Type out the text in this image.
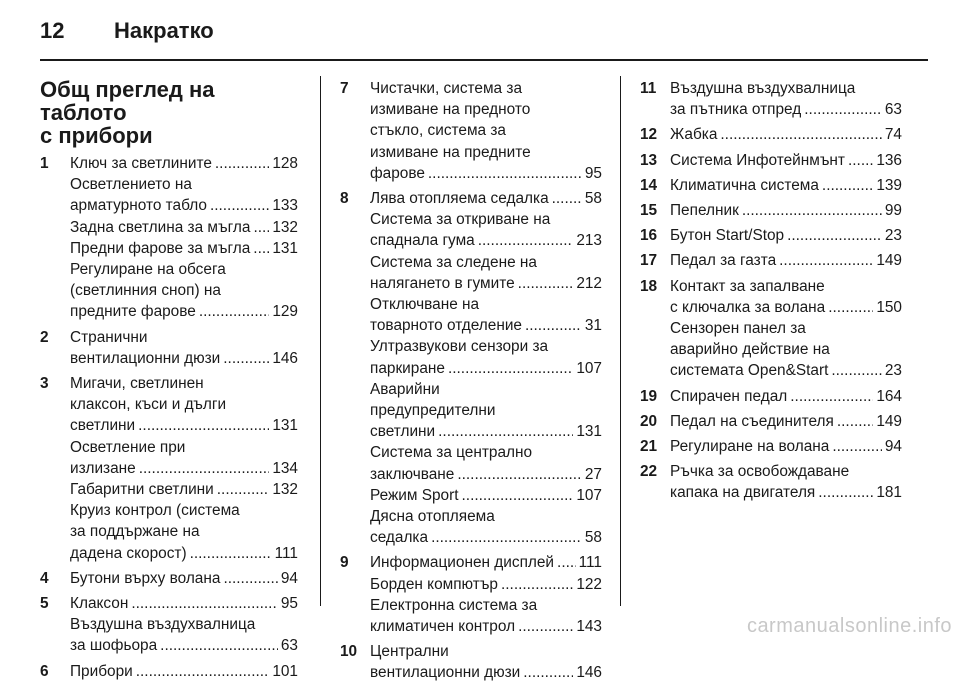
12 Накратко
Общ преглед на таблото
с прибори
1	Ключ за светлините .....	128
Осветлението на
арматурното табло .....	133
Задна светлина за мъгла ..... 132
Предни фарове за мъгла ..... 131
Регулиране на обсега
(светлинния сноп) на
предните фарове .....	129
2	Странични
вентилационни дюзи .....	146
3	Мигачи, светлинен
клаксон, къси и дълги
светлини .....	131
Осветление при
излизане .....	134
Габаритни светлини .....	132
Круиз контрол (система
за поддържане на
дадена скорост) .....	111
4	Бутони върху волана .....	94
5	Клаксон .....	95
Въздушна въздухвалница
за шофьора .....	63
6	Прибори .....	101
7	Чистачки, система за
измиване на предното
стъкло, система за
измиване на предните
фарове .....	95
8	Лява отопляема седалка ..... 58
Система за откриване на
спаднала гума .....	213
Система за следене на
налягането в гумите .....	212
Отключване на
товарното отделение .....	31
Ултразвукови сензори за
паркиране .....	107
Аварийни
предупредителни
светлини .....	131
Система за централно
заключване .....	27
Режим Sport .....	107
Дясна отопляема
седалка .....	58
9	Информационен дисплей ..... 111
Борден компютър .....	122
Електронна система за
климатичен контрол .....	143
10 Централни
вентилационни дюзи .....	146
11 Въздушна въздухвалница
за пътника отпред .....	63
12 Жабка .....	74
13 Система Инфотейнмънт ..... 136
14 Климатична система .....	139
15 Пепелник .....	99
16 Бутон Start/Stop .....	23
17 Педал за газта .....	149
18 Контакт за запалване
с ключалка за волана .....	150
Сензорен панел за
аварийно действие на
системата Open&Start .....	23
19 Спирачен педал .....	164
20 Педал на съединителя .....	149
21 Регулиране на волана .....	94
22 Ръчка за освобождаване
капака на двигателя .....	181
carmanualsonline.info
